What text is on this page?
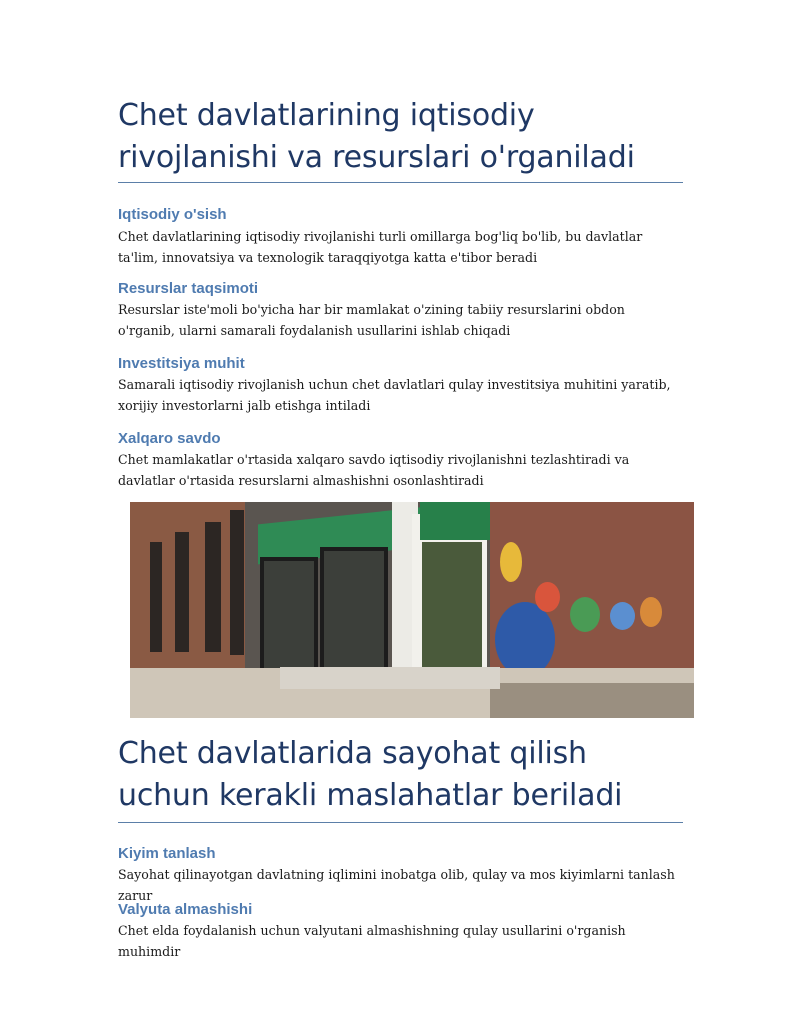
Chet davlatlarining iqtisodiy rivojlanishi va resurslari o'rganiladi
Iqtisodiy o'sish

Chet davlatlarining iqtisodiy rivojlanishi turli omillarga bog'liq bo'lib, bu davlatlar ta'lim, innovatsiya va texnologik taraqqiyotga katta e'tibor beradi

Resurslar taqsimoti

Resurslar iste'moli bo'yicha har bir mamlakat o'zining tabiiy resurslarini obdon o'rganib, ularni samarali foydalanish usullarini ishlab chiqadi

Investitsiya muhit

Samarali iqtisodiy rivojlanish uchun chet davlatlari qulay investitsiya muhitini yaratib, xorijiy investorlarni jalb etishga intiladi

Xalqaro savdo

Chet mamlakatlar o'rtasida xalqaro savdo iqtisodiy rivojlanishni tezlashtiradi va davlatlar o'rtasida resurslarni almashishni osonlashtiradi

Chet davlatlarida sayohat qilish uchun kerakli maslahatlar beriladi
Kiyim tanlash

Sayohat qilinayotgan davlatning iqlimini inobatga olib, qulay va mos kiyimlarni tanlash zarur

Valyuta almashishi

Chet elda foydalanish uchun valyutani almashishning qulay usullarini o'rganish muhimdir
